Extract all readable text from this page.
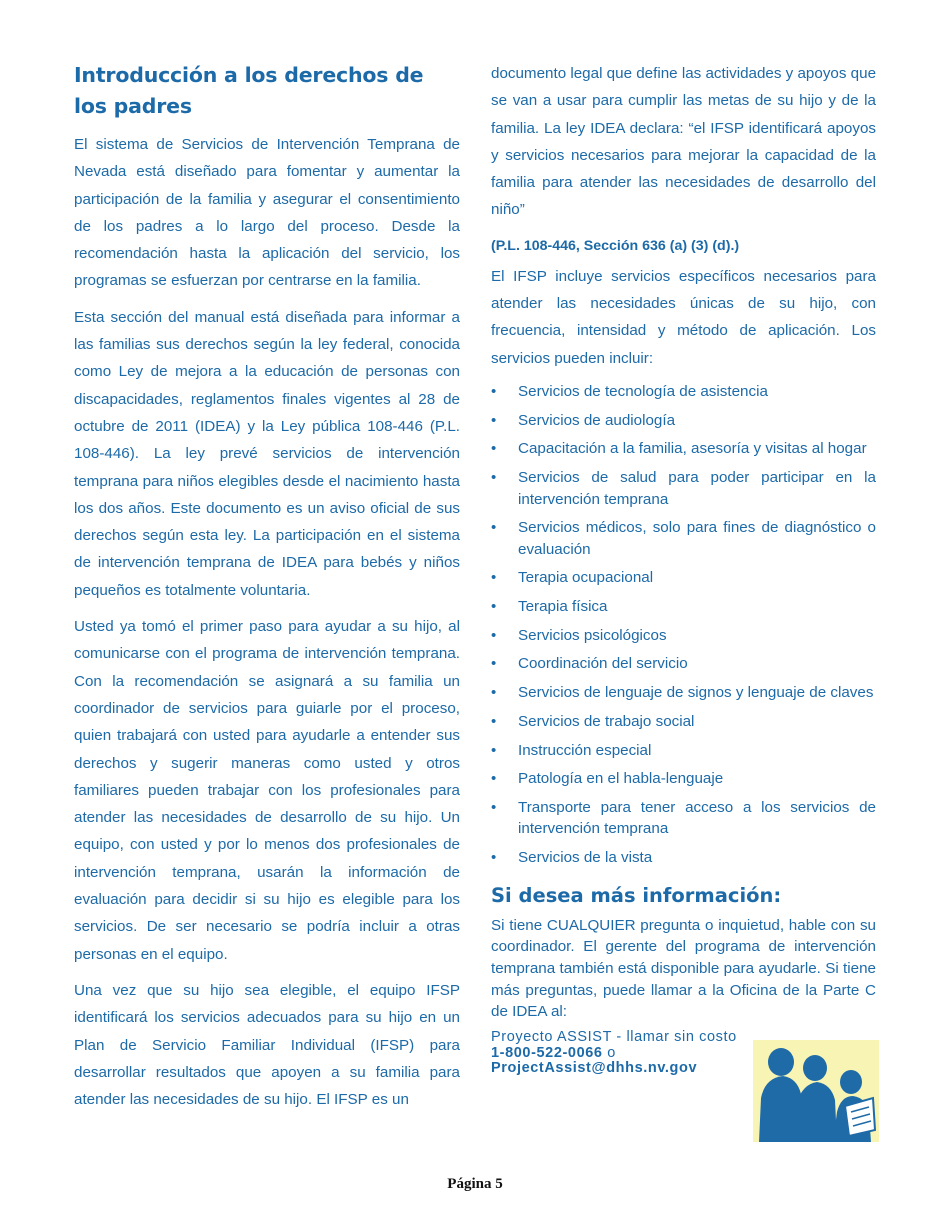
Introducción a los derechos de los padres

El sistema de Servicios de Intervención Temprana de Nevada está diseñado para fomentar y aumentar la participación de la familia y asegurar el consentimiento de los padres a lo largo del proceso. Desde la recomendación hasta la aplicación del servicio, los programas se esfuerzan por centrarse en la familia.

Esta sección del manual está diseñada para informar a las familias sus derechos según la ley federal, conocida como Ley de mejora a la educación de personas con discapacidades, reglamentos finales vigentes al 28 de octubre de 2011 (IDEA) y la Ley pública 108-446 (P.L. 108-446). La ley prevé servicios de intervención temprana para niños elegibles desde el nacimiento hasta los dos años. Este documento es un aviso oficial de sus derechos según esta ley. La participación en el sistema de intervención temprana de IDEA para bebés y niños pequeños es totalmente voluntaria.

Usted ya tomó el primer paso para ayudar a su hijo, al comunicarse con el programa de intervención temprana. Con la recomendación se asignará a su familia un coordinador de servicios para guiarle por el proceso, quien trabajará con usted para ayudarle a entender sus derechos y sugerir maneras como usted y otros familiares pueden trabajar con los profesionales para atender las necesidades de desarrollo de su hijo. Un equipo, con usted y por lo menos dos profesionales de intervención temprana, usarán la información de evaluación para decidir si su hijo es elegible para los servicios. De ser necesario se podría incluir a otras personas en el equipo.

Una vez que su hijo sea elegible, el equipo IFSP identificará los servicios adecuados para su hijo en un Plan de Servicio Familiar Individual (IFSP) para desarrollar resultados que apoyen a su familia para atender las necesidades de su hijo. El IFSP es un

documento legal que define las actividades y apoyos que se van a usar para cumplir las metas de su hijo y de la familia. La ley IDEA declara: “el IFSP identificará apoyos y servicios necesarios para mejorar la capacidad de la familia para atender las necesidades de desarrollo del niño”

(P.L. 108-446, Sección 636 (a) (3) (d).)

El IFSP incluye servicios específicos necesarios para atender las necesidades únicas de su hijo, con frecuencia, intensidad y método de aplicación. Los servicios pueden incluir:

• Servicios de tecnología de asistencia
• Servicios de audiología
• Capacitación a la familia, asesoría y visitas al hogar
• Servicios de salud para poder participar en la intervención temprana
• Servicios médicos, solo para fines de diagnóstico o evaluación
• Terapia ocupacional
• Terapia física
• Servicios psicológicos
• Coordinación del servicio
• Servicios de lenguaje de signos y lenguaje de claves
• Servicios de trabajo social
• Instrucción especial
• Patología en el habla-lenguaje
• Transporte para tener acceso a los servicios de intervención temprana
• Servicios de la vista
Si desea más información:

Si tiene CUALQUIER pregunta o inquietud, hable con su coordinador. El gerente del programa de intervención temprana también está disponible para ayudarle. Si tiene más preguntas, puede llamar a la Oficina de la Parte C de IDEA al:

Proyecto ASSIST - llamar sin costo
1-800-522-0066 o
ProjectAssist@dhhs.nv.gov
Página 5
